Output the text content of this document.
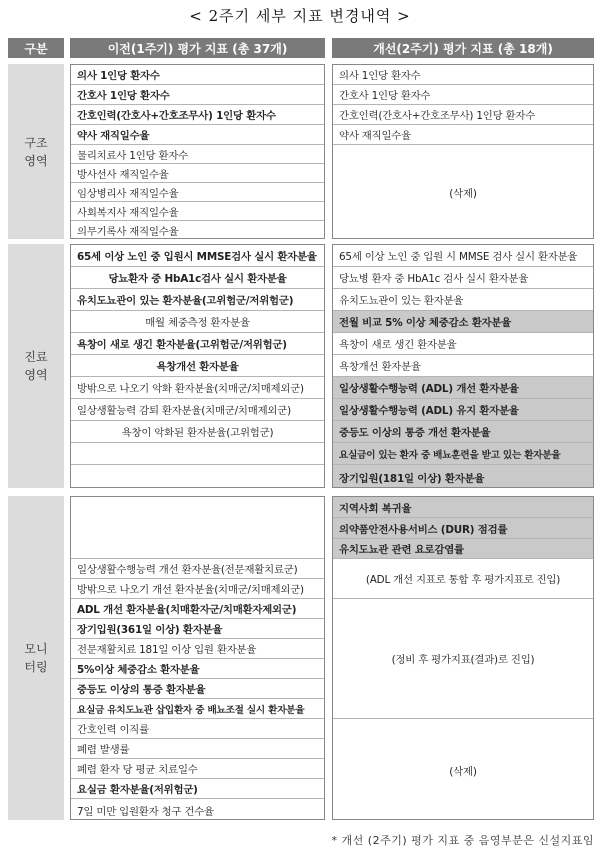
< 2주기 세부 지표 변경내역 >
구분	이전(1주기) 평가 지표 (총 37개)	개선(2주기) 평가 지표 (총 18개)
구조
영역
의사 1인당 환자수
간호사 1인당 환자수
간호인력(간호사+간호조무사) 1인당 환자수
약사 재직일수율
물리치료사 1인당 환자수
방사선사 재직일수율
임상병리사 재직일수율
사회복지사 재직일수율
의무기록사 재직일수율
의사 1인당 환자수
간호사 1인당 환자수
간호인력(간호사+간호조무사) 1인당 환자수
약사 재직일수율
(삭제)
진료
영역
65세 이상 노인 중 입원시 MMSE검사 실시 환자분율
당뇨환자 중 HbA1c검사 실시 환자분율
유치도뇨관이 있는 환자분율(고위험군/저위험군)
매월 체중측정 환자분율
욕창이 새로 생긴 환자분율(고위험군/저위험군)
욕창개선 환자분율
방밖으로 나오기 악화 환자분율(치매군/치매제외군)
일상생활능력 감퇴 환자분율(치매군/치매제외군)
욕창이 악화된 환자분율(고위험군)
65세 이상 노인 중 입원 시 MMSE 검사 실시 환자분율
당뇨병 환자 중 HbA1c 검사 실시 환자분율
유치도뇨관이 있는 환자분율
전월 비교 5% 이상 체중감소 환자분율
욕창이 새로 생긴 환자분율
욕창개선 환자분율
일상생활수행능력 (ADL) 개선 환자분율
일상생활수행능력 (ADL) 유지 환자분율
중등도 이상의 통증 개선 환자분율
요실금이 있는 환자 중 배뇨훈련을 받고 있는 환자분율
장기입원(181일 이상) 환자분율
모니
터링
일상생활수행능력 개선 환자분율(전문재활치료군)
방밖으로 나오기 개선 환자분율(치매군/치매제외군)
ADL 개선 환자분율(치매환자군/치매환자제외군)
장기입원(361일 이상) 환자분율
전문재활치료 181일 이상 입원 환자분율
5%이상 체중감소 환자분율
중등도 이상의 통증 환자분율
요실금 유치도뇨관 삽입환자 중 배뇨조절 실시 환자분율
간호인력 이직률
폐렴 발생률
폐렴 환자 당 평균 치료일수
요실금 환자분율(저위험군)
7일 미만 입원환자 청구 건수율
지역사회 복귀율
의약품안전사용서비스 (DUR) 점검률
유치도뇨관 관련 요로감염률
(ADL 개선 지표로 통합 후 평가지표로 진입)
(정비 후 평가지표(결과)로 진입)
(삭제)
* 개선 (2주기) 평가 지표 중 음영부분은 신설지표임
